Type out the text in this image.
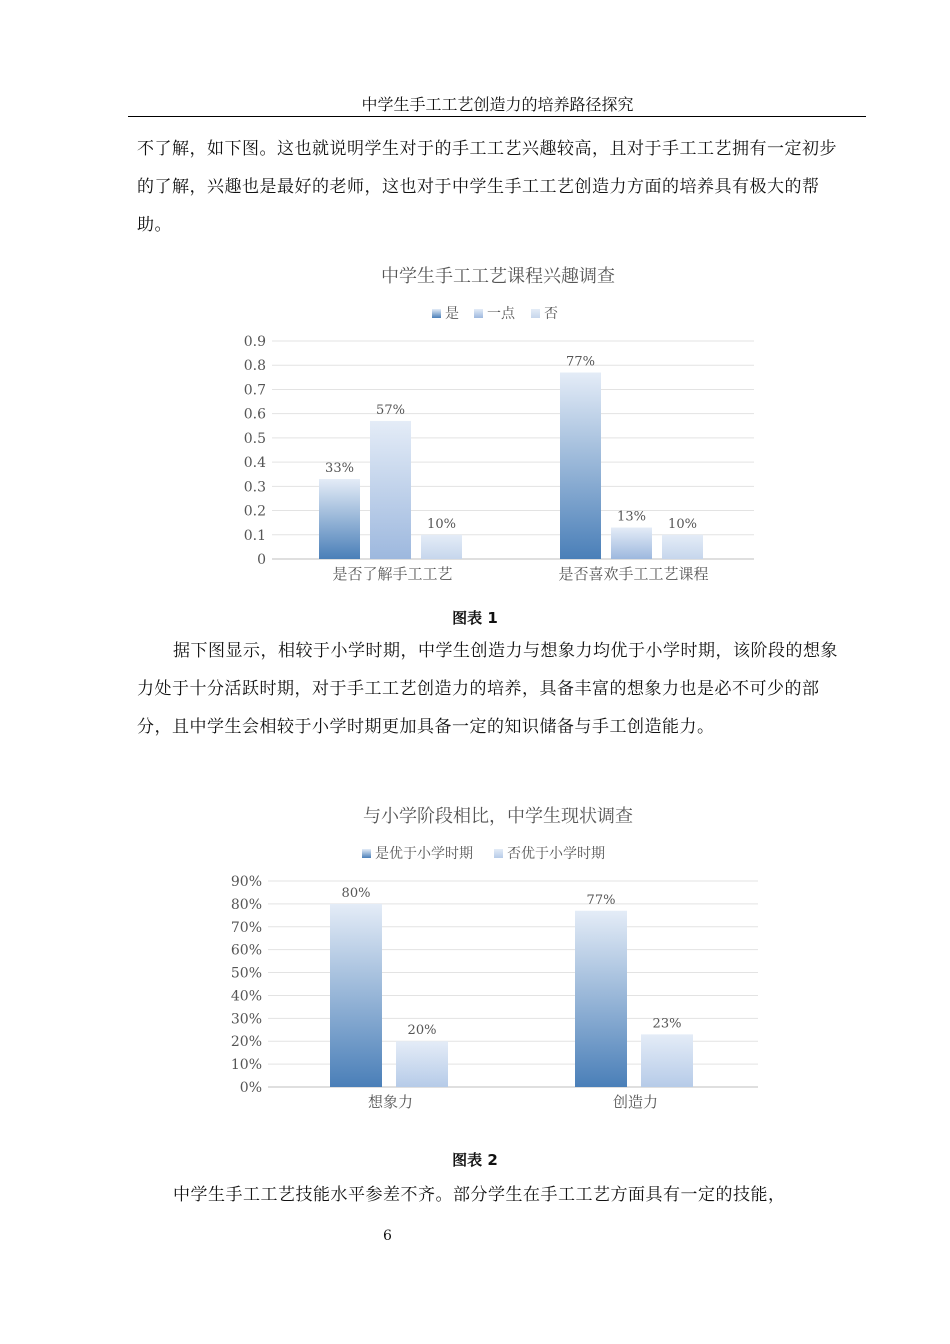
中学生手工工艺创造力的培养路径探究
不了解，如下图。这也就说明学生对于的手工工艺兴趣较高，且对于手工工艺拥有一定初步的了解，兴趣也是最好的老师，这也对于中学生手工工艺创造力方面的培养具有极大的帮助。
中学生手工工艺课程兴趣调查
是 一点 否
0
0.1
0.2
0.3
0.4
0.5
0.6
0.7
0.8
0.9
33%
57%
10%
是否了解手工工艺
77%
13% 10%
是否喜欢手工工艺课程
图表 1
据下图显示，相较于小学时期，中学生创造力与想象力均优于小学时期，该阶段的想象力处于十分活跃时期，对于手工工艺创造力的培养，具备丰富的想象力也是必不可少的部分，且中学生会相较于小学时期更加具备一定的知识储备与手工创造能力。
与小学阶段相比，中学生现状调查
是优于小学时期 否优于小学时期
0%
10%
20%
30%
40%
50%
60%
70%
80%
90%
80%
20%
想象力
77%
23%
创造力
图表 2
中学生手工工艺技能水平参差不齐。部分学生在手工工艺方面具有一定的技能，
6
